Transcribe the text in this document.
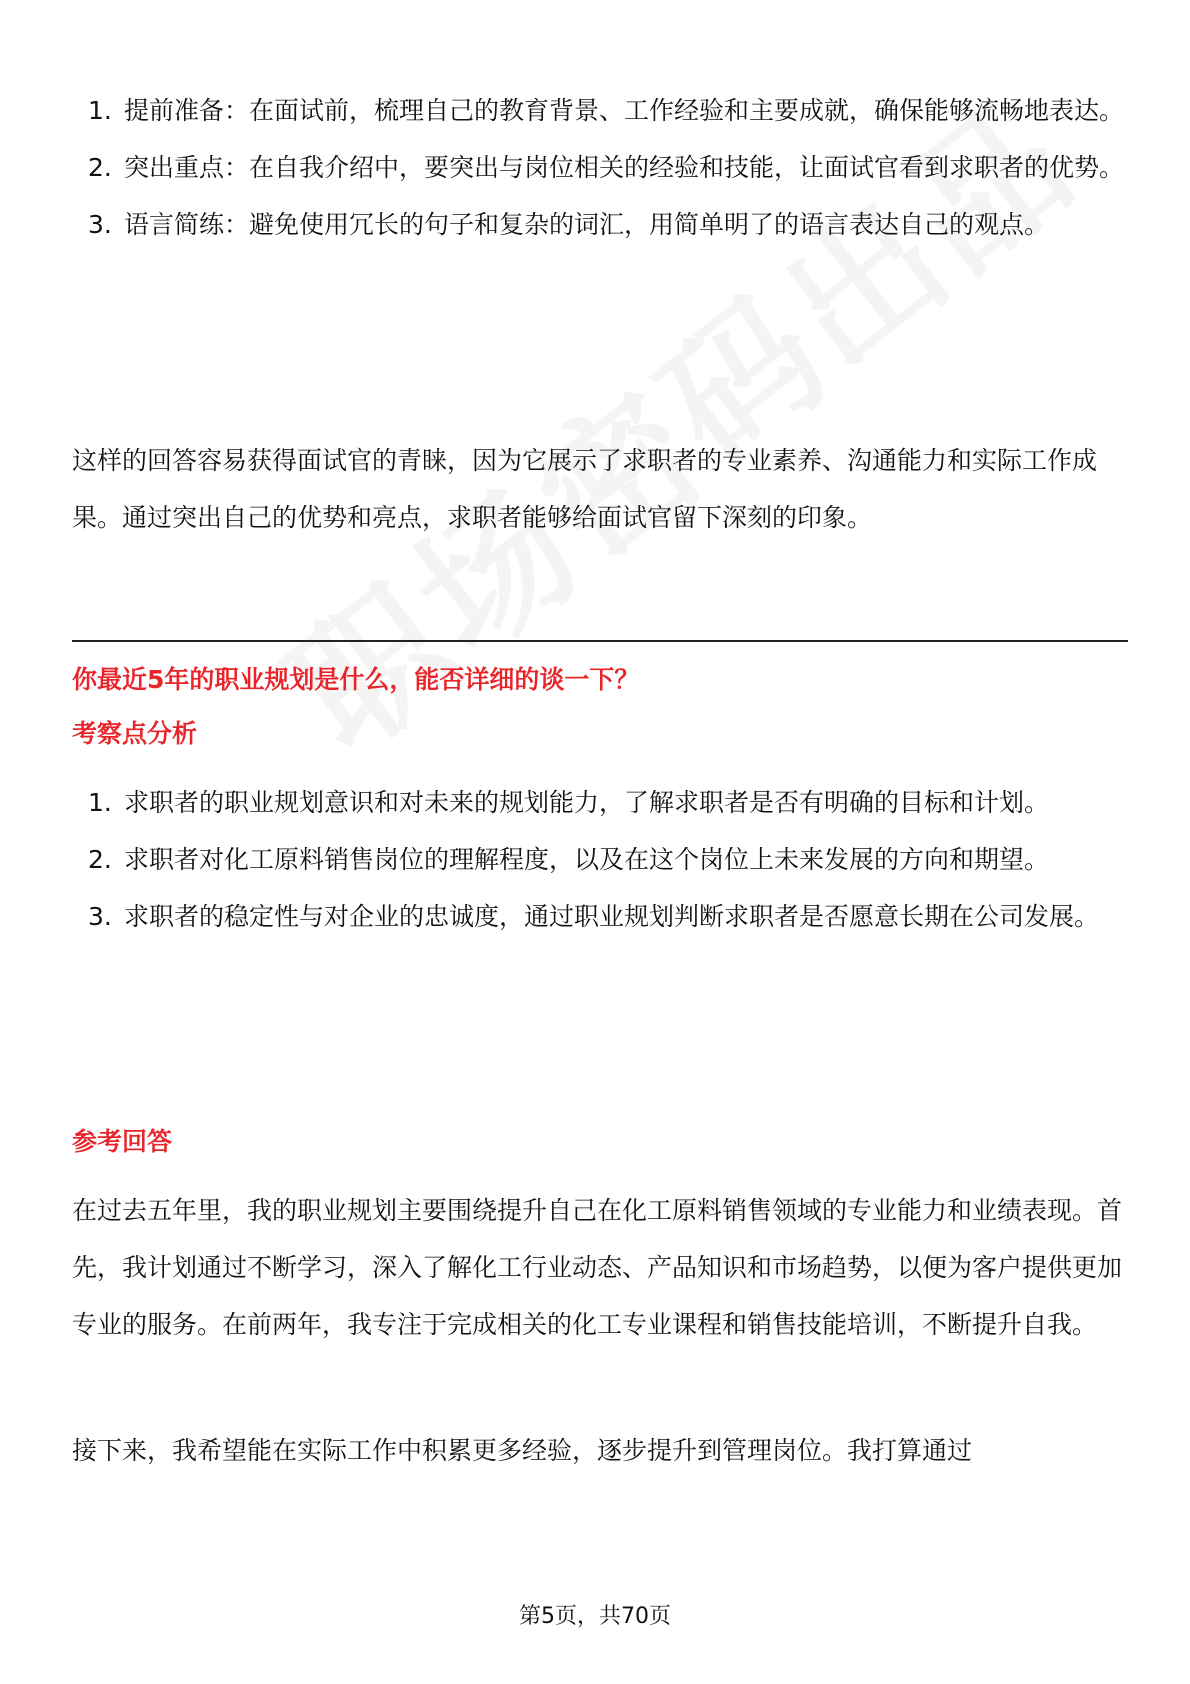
1. 提前准备：在面试前，梳理自己的教育背景、工作经验和主要成就，确保能够流畅地表达。
2. 突出重点：在自我介绍中，要突出与岗位相关的经验和技能，让面试官看到求职者的优势。
3. 语言简练：避免使用冗长的句子和复杂的词汇，用简单明了的语言表达自己的观点。

这样的回答容易获得面试官的青睐，因为它展示了求职者的专业素养、沟通能力和实际工作成果。通过突出自己的优势和亮点，求职者能够给面试官留下深刻的印象。

你最近5年的职业规划是什么，能否详细的谈一下？
考察点分析
1. 求职者的职业规划意识和对未来的规划能力，了解求职者是否有明确的目标和计划。
2. 求职者对化工原料销售岗位的理解程度，以及在这个岗位上未来发展的方向和期望。
3. 求职者的稳定性与对企业的忠诚度，通过职业规划判断求职者是否愿意长期在公司发展。
参考回答

在过去五年里，我的职业规划主要围绕提升自己在化工原料销售领域的专业能力和业绩表现。首先，我计划通过不断学习，深入了解化工行业动态、产品知识和市场趋势，以便为客户提供更加专业的服务。在前两年，我专注于完成相关的化工专业课程和销售技能培训，不断提升自我。

接下来，我希望能在实际工作中积累更多经验，逐步提升到管理岗位。我打算通过

第5页，共70页
